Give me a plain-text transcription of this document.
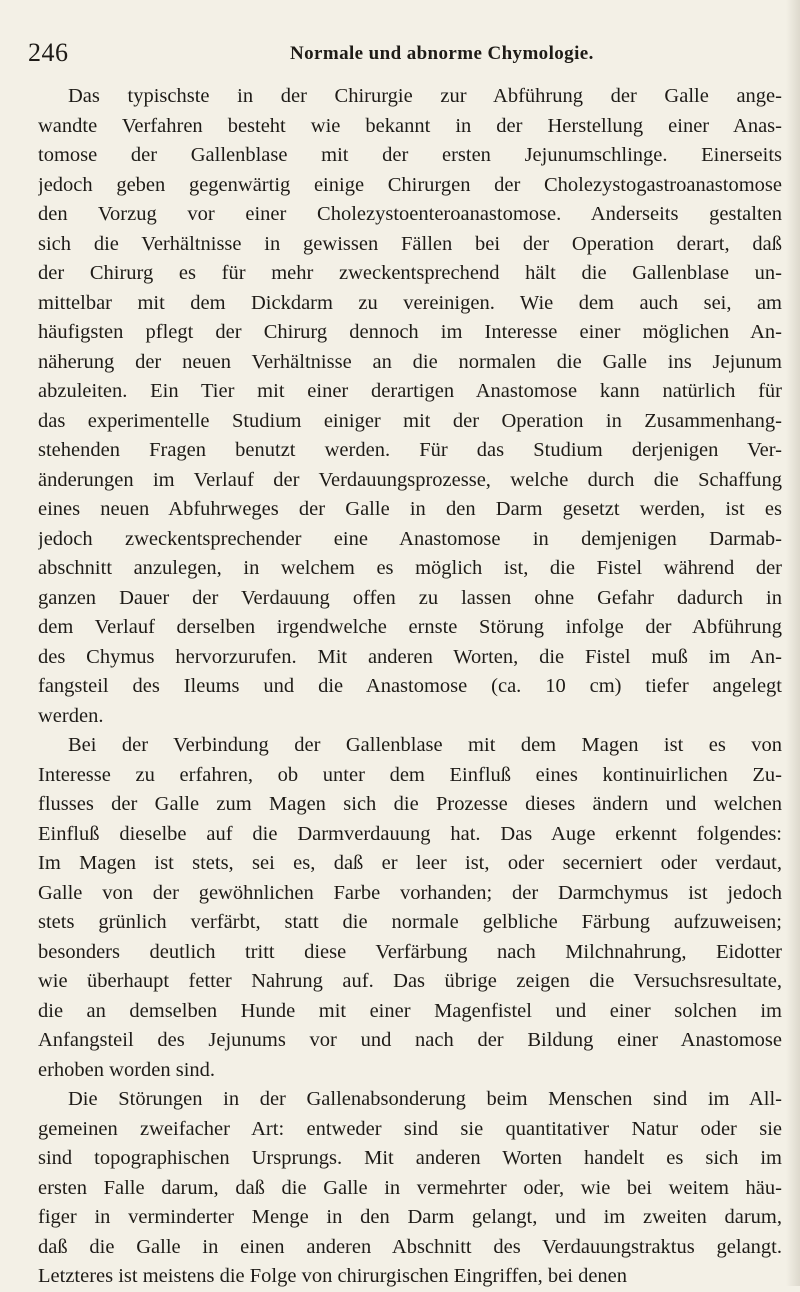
246	Normale und abnorme Chymologie.
Das typischste in der Chirurgie zur Abführung der Galle ange-
wandte Verfahren besteht wie bekannt in der Herstellung einer Anas-
tomose der Gallenblase mit der ersten Jejunumschlinge. Einerseits
jedoch geben gegenwärtig einige Chirurgen der Cholezystogastroanastomose
den Vorzug vor einer Cholezystoenteroanastomose. Anderseits gestalten
sich die Verhältnisse in gewissen Fällen bei der Operation derart, daß
der Chirurg es für mehr zweckentsprechend hält die Gallenblase un-
mittelbar mit dem Dickdarm zu vereinigen. Wie dem auch sei, am
häufigsten pflegt der Chirurg dennoch im Interesse einer möglichen An-
näherung der neuen Verhältnisse an die normalen die Galle ins Jejunum
abzuleiten. Ein Tier mit einer derartigen Anastomose kann natürlich für
das experimentelle Studium einiger mit der Operation in Zusammenhang-
stehenden Fragen benutzt werden. Für das Studium derjenigen Ver-
änderungen im Verlauf der Verdauungsprozesse, welche durch die Schaffung
eines neuen Abfuhrweges der Galle in den Darm gesetzt werden, ist es
jedoch zweckentsprechender eine Anastomose in demjenigen Darmab-
abschnitt anzulegen, in welchem es möglich ist, die Fistel während der
ganzen Dauer der Verdauung offen zu lassen ohne Gefahr dadurch in
dem Verlauf derselben irgendwelche ernste Störung infolge der Abführung
des Chymus hervorzurufen. Mit anderen Worten, die Fistel muß im An-
fangsteil des Ileums und die Anastomose (ca. 10 cm) tiefer angelegt
werden.
Bei der Verbindung der Gallenblase mit dem Magen ist es von
Interesse zu erfahren, ob unter dem Einfluß eines kontinuirlichen Zu-
flusses der Galle zum Magen sich die Prozesse dieses ändern und welchen
Einfluß dieselbe auf die Darmverdauung hat. Das Auge erkennt folgendes:
Im Magen ist stets, sei es, daß er leer ist, oder secerniert oder verdaut,
Galle von der gewöhnlichen Farbe vorhanden; der Darmchymus ist jedoch
stets grünlich verfärbt, statt die normale gelbliche Färbung aufzuweisen;
besonders deutlich tritt diese Verfärbung nach Milchnahrung, Eidotter
wie überhaupt fetter Nahrung auf. Das übrige zeigen die Versuchsresultate,
die an demselben Hunde mit einer Magenfistel und einer solchen im
Anfangsteil des Jejunums vor und nach der Bildung einer Anastomose
erhoben worden sind.
Die Störungen in der Gallenabsonderung beim Menschen sind im All-
gemeinen zweifacher Art: entweder sind sie quantitativer Natur oder sie
sind topographischen Ursprungs. Mit anderen Worten handelt es sich im
ersten Falle darum, daß die Galle in vermehrter oder, wie bei weitem häu-
figer in verminderter Menge in den Darm gelangt, und im zweiten darum,
daß die Galle in einen anderen Abschnitt des Verdauungstraktus gelangt.
Letzteres ist meistens die Folge von chirurgischen Eingriffen, bei denen
